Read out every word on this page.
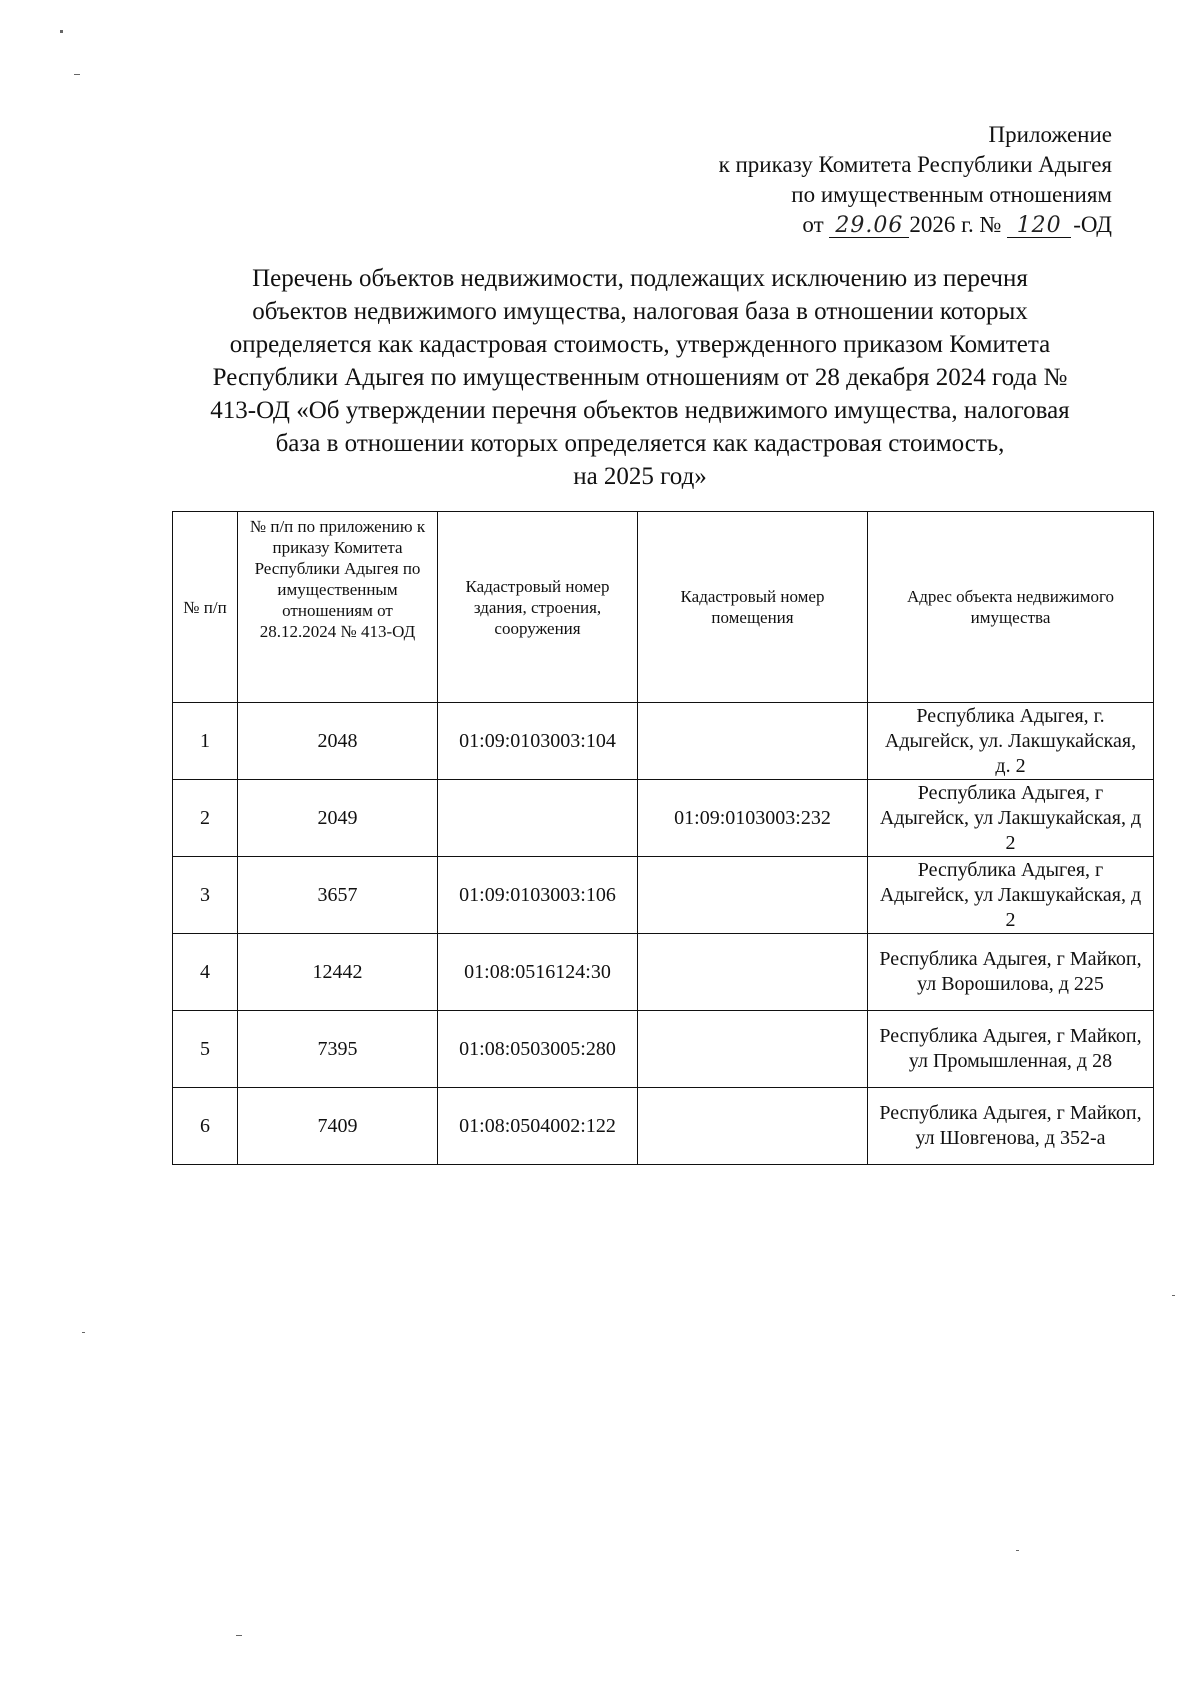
Приложение
к приказу Комитета Республики Адыгея
по имущественным отношениям
от 29.06 2026 г. № 120 -ОД
Перечень объектов недвижимости, подлежащих исключению из перечня
объектов недвижимого имущества, налоговая база в отношении которых
определяется как кадастровая стоимость, утвержденного приказом Комитета
Республики Адыгея по имущественным отношениям от 28 декабря 2024 года №
413-ОД «Об утверждении перечня объектов недвижимого имущества, налоговая
база в отношении которых определяется как кадастровая стоимость,
на 2025 год»
№ п/п	№ п/п по приложению к приказу Комитета Республики Адыгея по имущественным отношениям от 28.12.2024 № 413-ОД	Кадастровый номер здания, строения, сооружения	Кадастровый номер помещения	Адрес объекта недвижимого имущества
1	2048	01:09:0103003:104		Республика Адыгея, г. Адыгейск, ул. Лакшукайская, д. 2
2	2049		01:09:0103003:232	Республика Адыгея, г Адыгейск, ул Лакшукайская, д 2
3	3657	01:09:0103003:106		Республика Адыгея, г Адыгейск, ул Лакшукайская, д 2
4	12442	01:08:0516124:30		Республика Адыгея, г Майкоп, ул Ворошилова, д 225
5	7395	01:08:0503005:280		Республика Адыгея, г Майкоп, ул Промышленная, д 28
6	7409	01:08:0504002:122		Республика Адыгея, г Майкоп, ул Шовгенова, д 352-а
